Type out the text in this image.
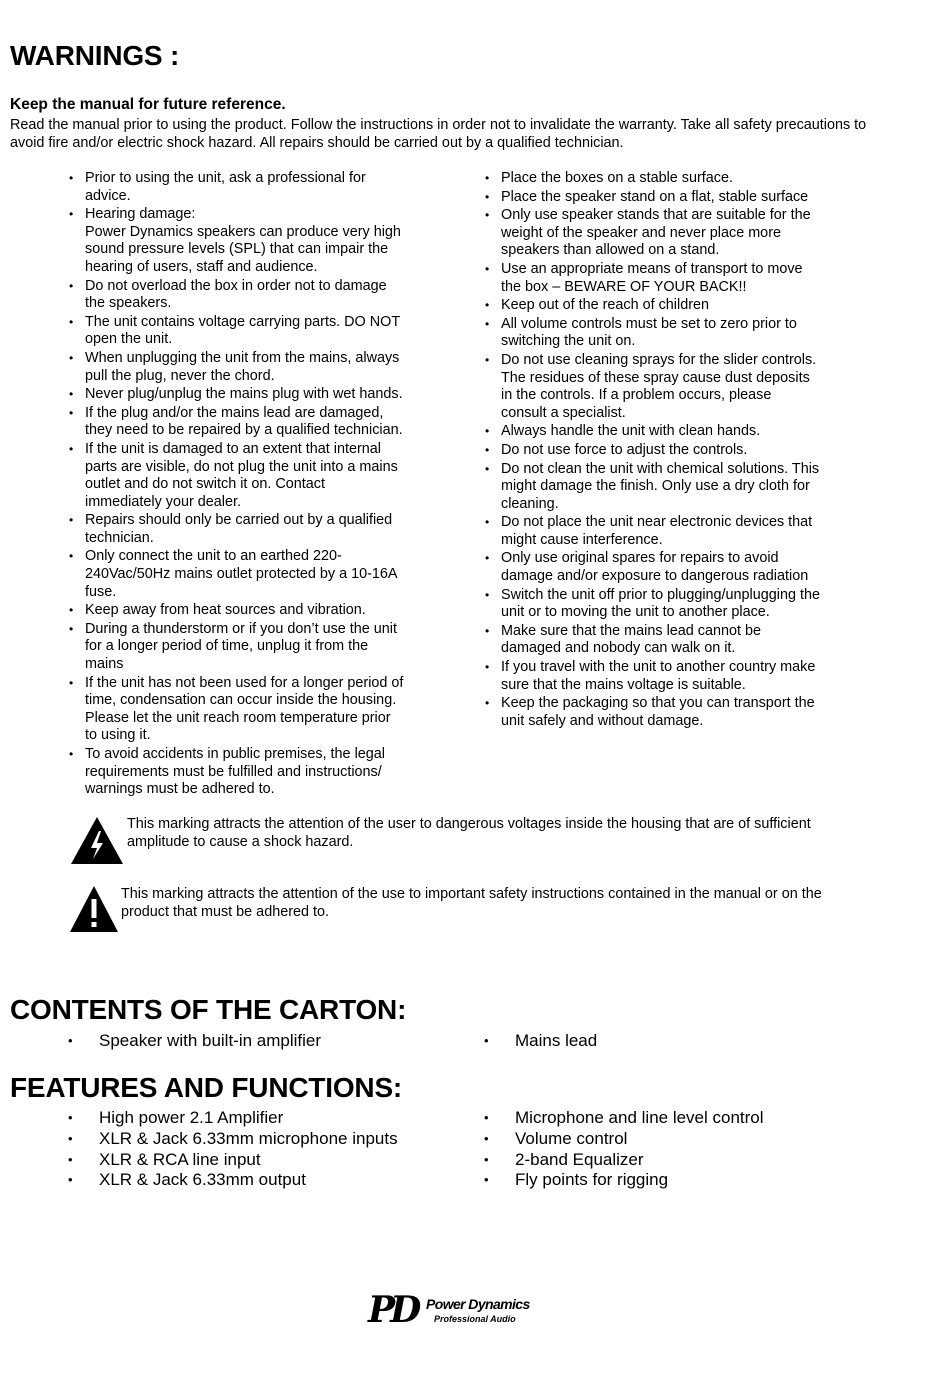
WARNINGS :
Keep the manual for future reference.
Read the manual prior to using the product. Follow the instructions in order not to invalidate the warranty. Take all safety precautions to avoid fire and/or electric shock hazard. All repairs should be carried out by a qualified technician.
• Prior to using the unit, ask a professional for
advice.
• Hearing damage:
Power Dynamics speakers can produce very high
sound pressure levels (SPL) that can impair the
hearing of users, staff and audience.
• Do not overload the box in order not to damage
the speakers.
• The unit contains voltage carrying parts. DO NOT
open the unit.
• When unplugging the unit from the mains, always
pull the plug, never the chord.
• Never plug/unplug the mains plug with wet hands.
• If the plug and/or the mains lead are damaged,
they need to be repaired by a qualified technician.
• If the unit is damaged to an extent that internal
parts are visible, do not plug the unit into a mains
outlet and do not switch it on. Contact
immediately your dealer.
• Repairs should only be carried out by a qualified
technician.
• Only connect the unit to an earthed 220-
240Vac/50Hz mains outlet protected by a 10-16A
fuse.
• Keep away from heat sources and vibration.
• During a thunderstorm or if you don’t use the unit
for a longer period of time, unplug it from the
mains
• If the unit has not been used for a longer period of
time, condensation can occur inside the housing.
Please let the unit reach room temperature prior
to using it.
• To avoid accidents in public premises, the legal
requirements must be fulfilled and instructions/
warnings must be adhered to.
• Place the boxes on a stable surface.
• Place the speaker stand on a flat, stable surface
• Only use speaker stands that are suitable for the
weight of the speaker and never place more
speakers than allowed on a stand.
• Use an appropriate means of transport to move
the box – BEWARE OF YOUR BACK!!
• Keep out of the reach of children
• All volume controls must be set to zero prior to
switching the unit on.
• Do not use cleaning sprays for the slider controls.
The residues of these spray cause dust deposits
in the controls. If a problem occurs, please
consult a specialist.
• Always handle the unit with clean hands.
• Do not use force to adjust the controls.
• Do not clean the unit with chemical solutions. This
might damage the finish. Only use a dry cloth for
cleaning.
• Do not place the unit near electronic devices that
might cause interference.
• Only use original spares for repairs to avoid
damage and/or exposure to dangerous radiation
• Switch the unit off prior to plugging/unplugging the
unit or to moving the unit to another place.
• Make sure that the mains lead cannot be
damaged and nobody can walk on it.
• If you travel with the unit to another country make
sure that the mains voltage is suitable.
• Keep the packaging so that you can transport the
unit safely and without damage.
This marking attracts the attention of the user to dangerous voltages inside the housing that are of sufficient amplitude to cause a shock hazard.
This marking attracts the attention of the use to important safety instructions contained in the manual or on the product that must be adhered to.
CONTENTS OF THE CARTON:
• Speaker with built-in amplifier	• Mains lead
FEATURES AND FUNCTIONS:
• High power 2.1 Amplifier
• XLR & Jack 6.33mm microphone inputs
• XLR & RCA line input
• XLR & Jack 6.33mm output
• Microphone and line level control
• Volume control
• 2-band Equalizer
• Fly points for rigging
PD Power Dynamics
Professional Audio
